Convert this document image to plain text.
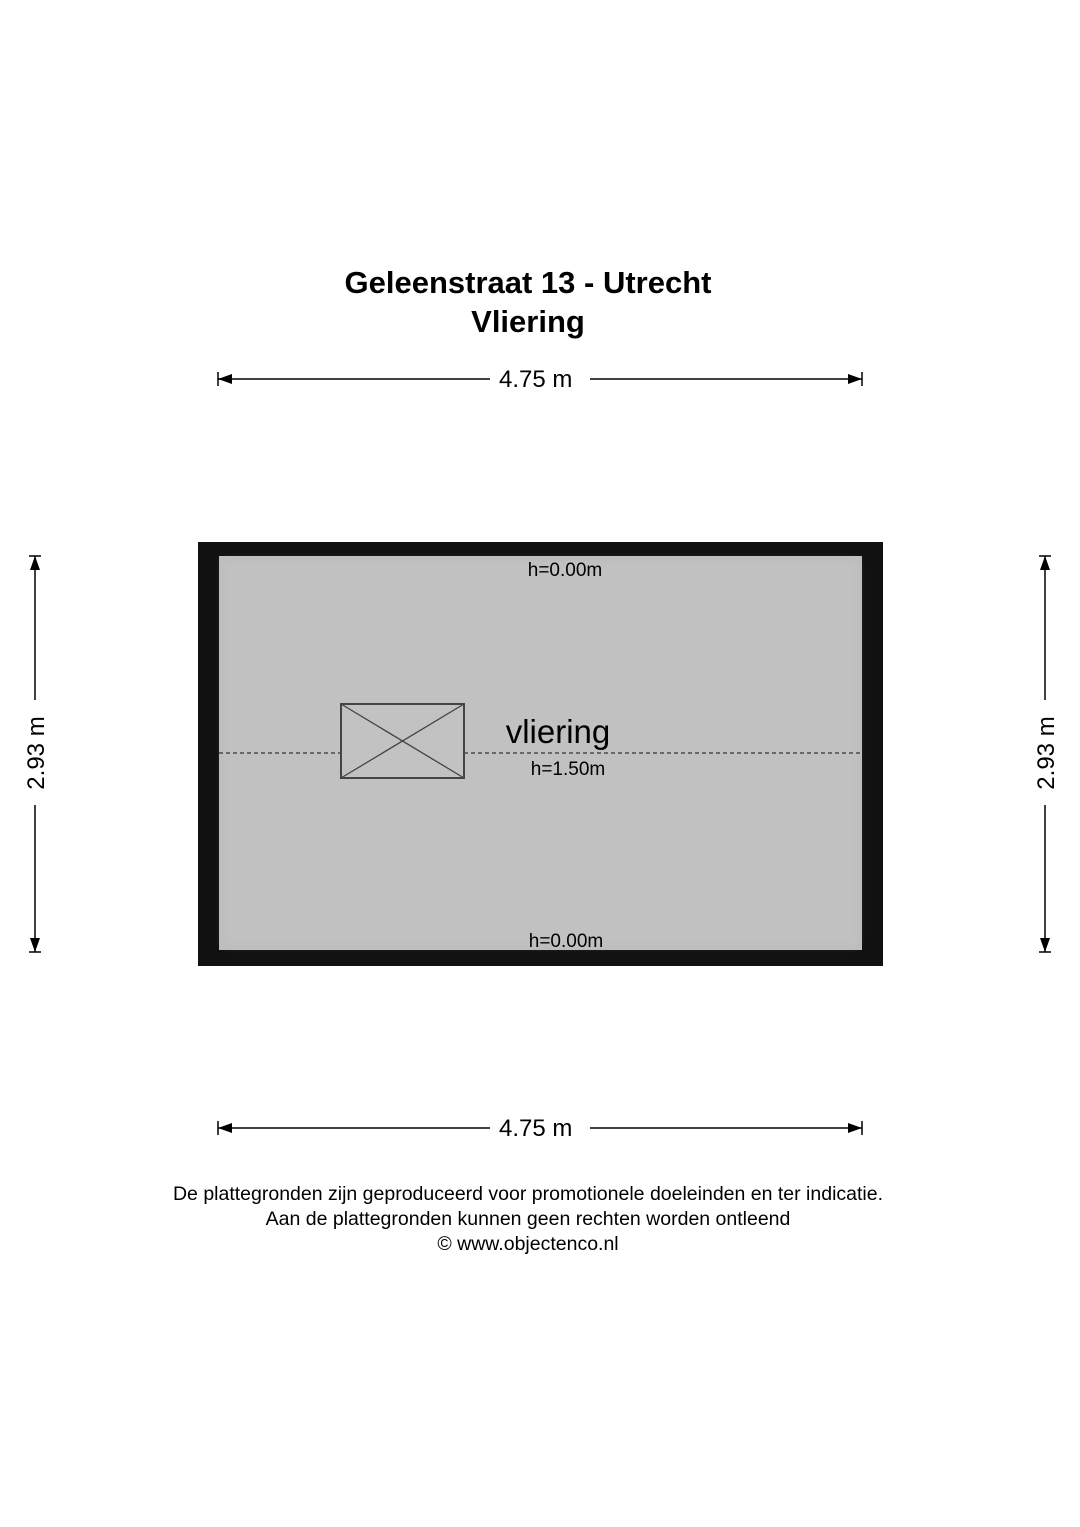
Geleenstraat 13 - Utrecht
Vliering
h=0.00m
vliering
h=1.50m
h=0.00m
2.93 m	2.93 m
4.75 m
4.75 m
De plattegronden zijn geproduceerd voor promotionele doeleinden en ter indicatie.
Aan de plattegronden kunnen geen rechten worden ontleend
© www.objectenco.nl
